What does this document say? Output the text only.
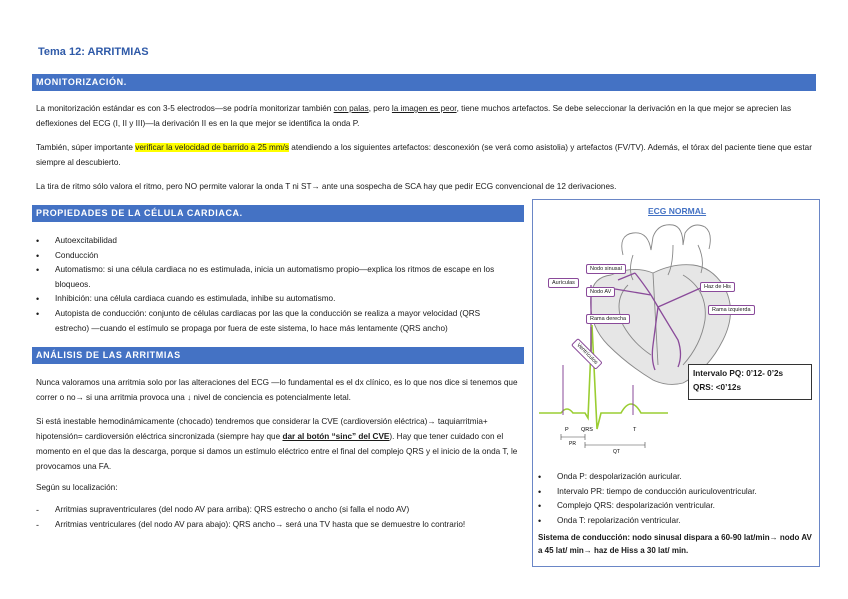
Tema 12: ARRITMIAS
MONITORIZACIÓN.
La monitorización estándar es con 3-5 electrodos—se podría monitorizar también con palas, pero la imagen es peor, tiene muchos artefactos. Se debe seleccionar la derivación en la que mejor se aprecien las deflexiones del ECG (I, II y III)—la derivación II es en la que mejor se identifica la onda P.
También, súper importante verificar la velocidad de barrido a 25 mm/s atendiendo a los siguientes artefactos: desconexión (se verá como asistolia) y artefactos (FV/TV). Además, el tórax del paciente tiene que estar siempre al descubierto.
La tira de ritmo sólo valora el ritmo, pero NO permite valorar la onda T ni ST→ ante una sospecha de SCA hay que pedir ECG convencional de 12 derivaciones.
PROPIEDADES DE LA CÉLULA CARDIACA.
• Autoexcitabilidad
• Conducción
• Automatismo: si una célula cardiaca no es estimulada, inicia un automatismo propio—explica los ritmos de escape en los bloqueos.
• Inhibición: una célula cardiaca cuando es estimulada, inhibe su automatismo.
• Autopista de conducción: conjunto de células cardiacas por las que la conducción se realiza a mayor velocidad (QRS estrecho) —cuando el estímulo se propaga por fuera de este sistema, lo hace más lentamente (QRS ancho)
ANÁLISIS DE LAS ARRITMIAS
Nunca valoramos una arritmia solo por las alteraciones del ECG —lo fundamental es el dx clínico, es lo que nos dice si tenemos que correr o no→ si una arritmia provoca una ↓ nivel de conciencia es potencialmente letal.
Si está inestable hemodinámicamente (chocado) tendremos que considerar la CVE (cardioversión eléctrica)→ taquiarritmia+ hipotensión= cardioversión eléctrica sincronizada (siempre hay que dar al botón “sinc” del CVE). Hay que tener cuidado con el momento en el que das la descarga, porque si damos un estímulo eléctrico entre el final del complejo QRS y el inicio de la onda T, le provocamos una FA.
Según su localización:
- Arritmias supraventriculares (del nodo AV para arriba): QRS estrecho o ancho (si falla el nodo AV)
- Arritmias ventriculares (del nodo AV para abajo): QRS ancho→ será una TV hasta que se demuestre lo contrario!
ECG NORMAL
P QRS	T
PR
QT
Aurículas
Nodo sinusal
Nodo AV
Haz de His
Rama derecha
Rama izquierda
Ventrículos
Intervalo PQ: 0’12- 0’2s
QRS: <0’12s
• Onda P: despolarización auricular.
• Intervalo PR: tiempo de conducción auriculoventricular.
• Complejo QRS: despolarización ventricular.
• Onda T: repolarización ventricular.
Sistema de conducción: nodo sinusal dispara a 60-90 lat/min→ nodo AV a 45 lat/ min→ haz de Hiss a 30 lat/ min.
